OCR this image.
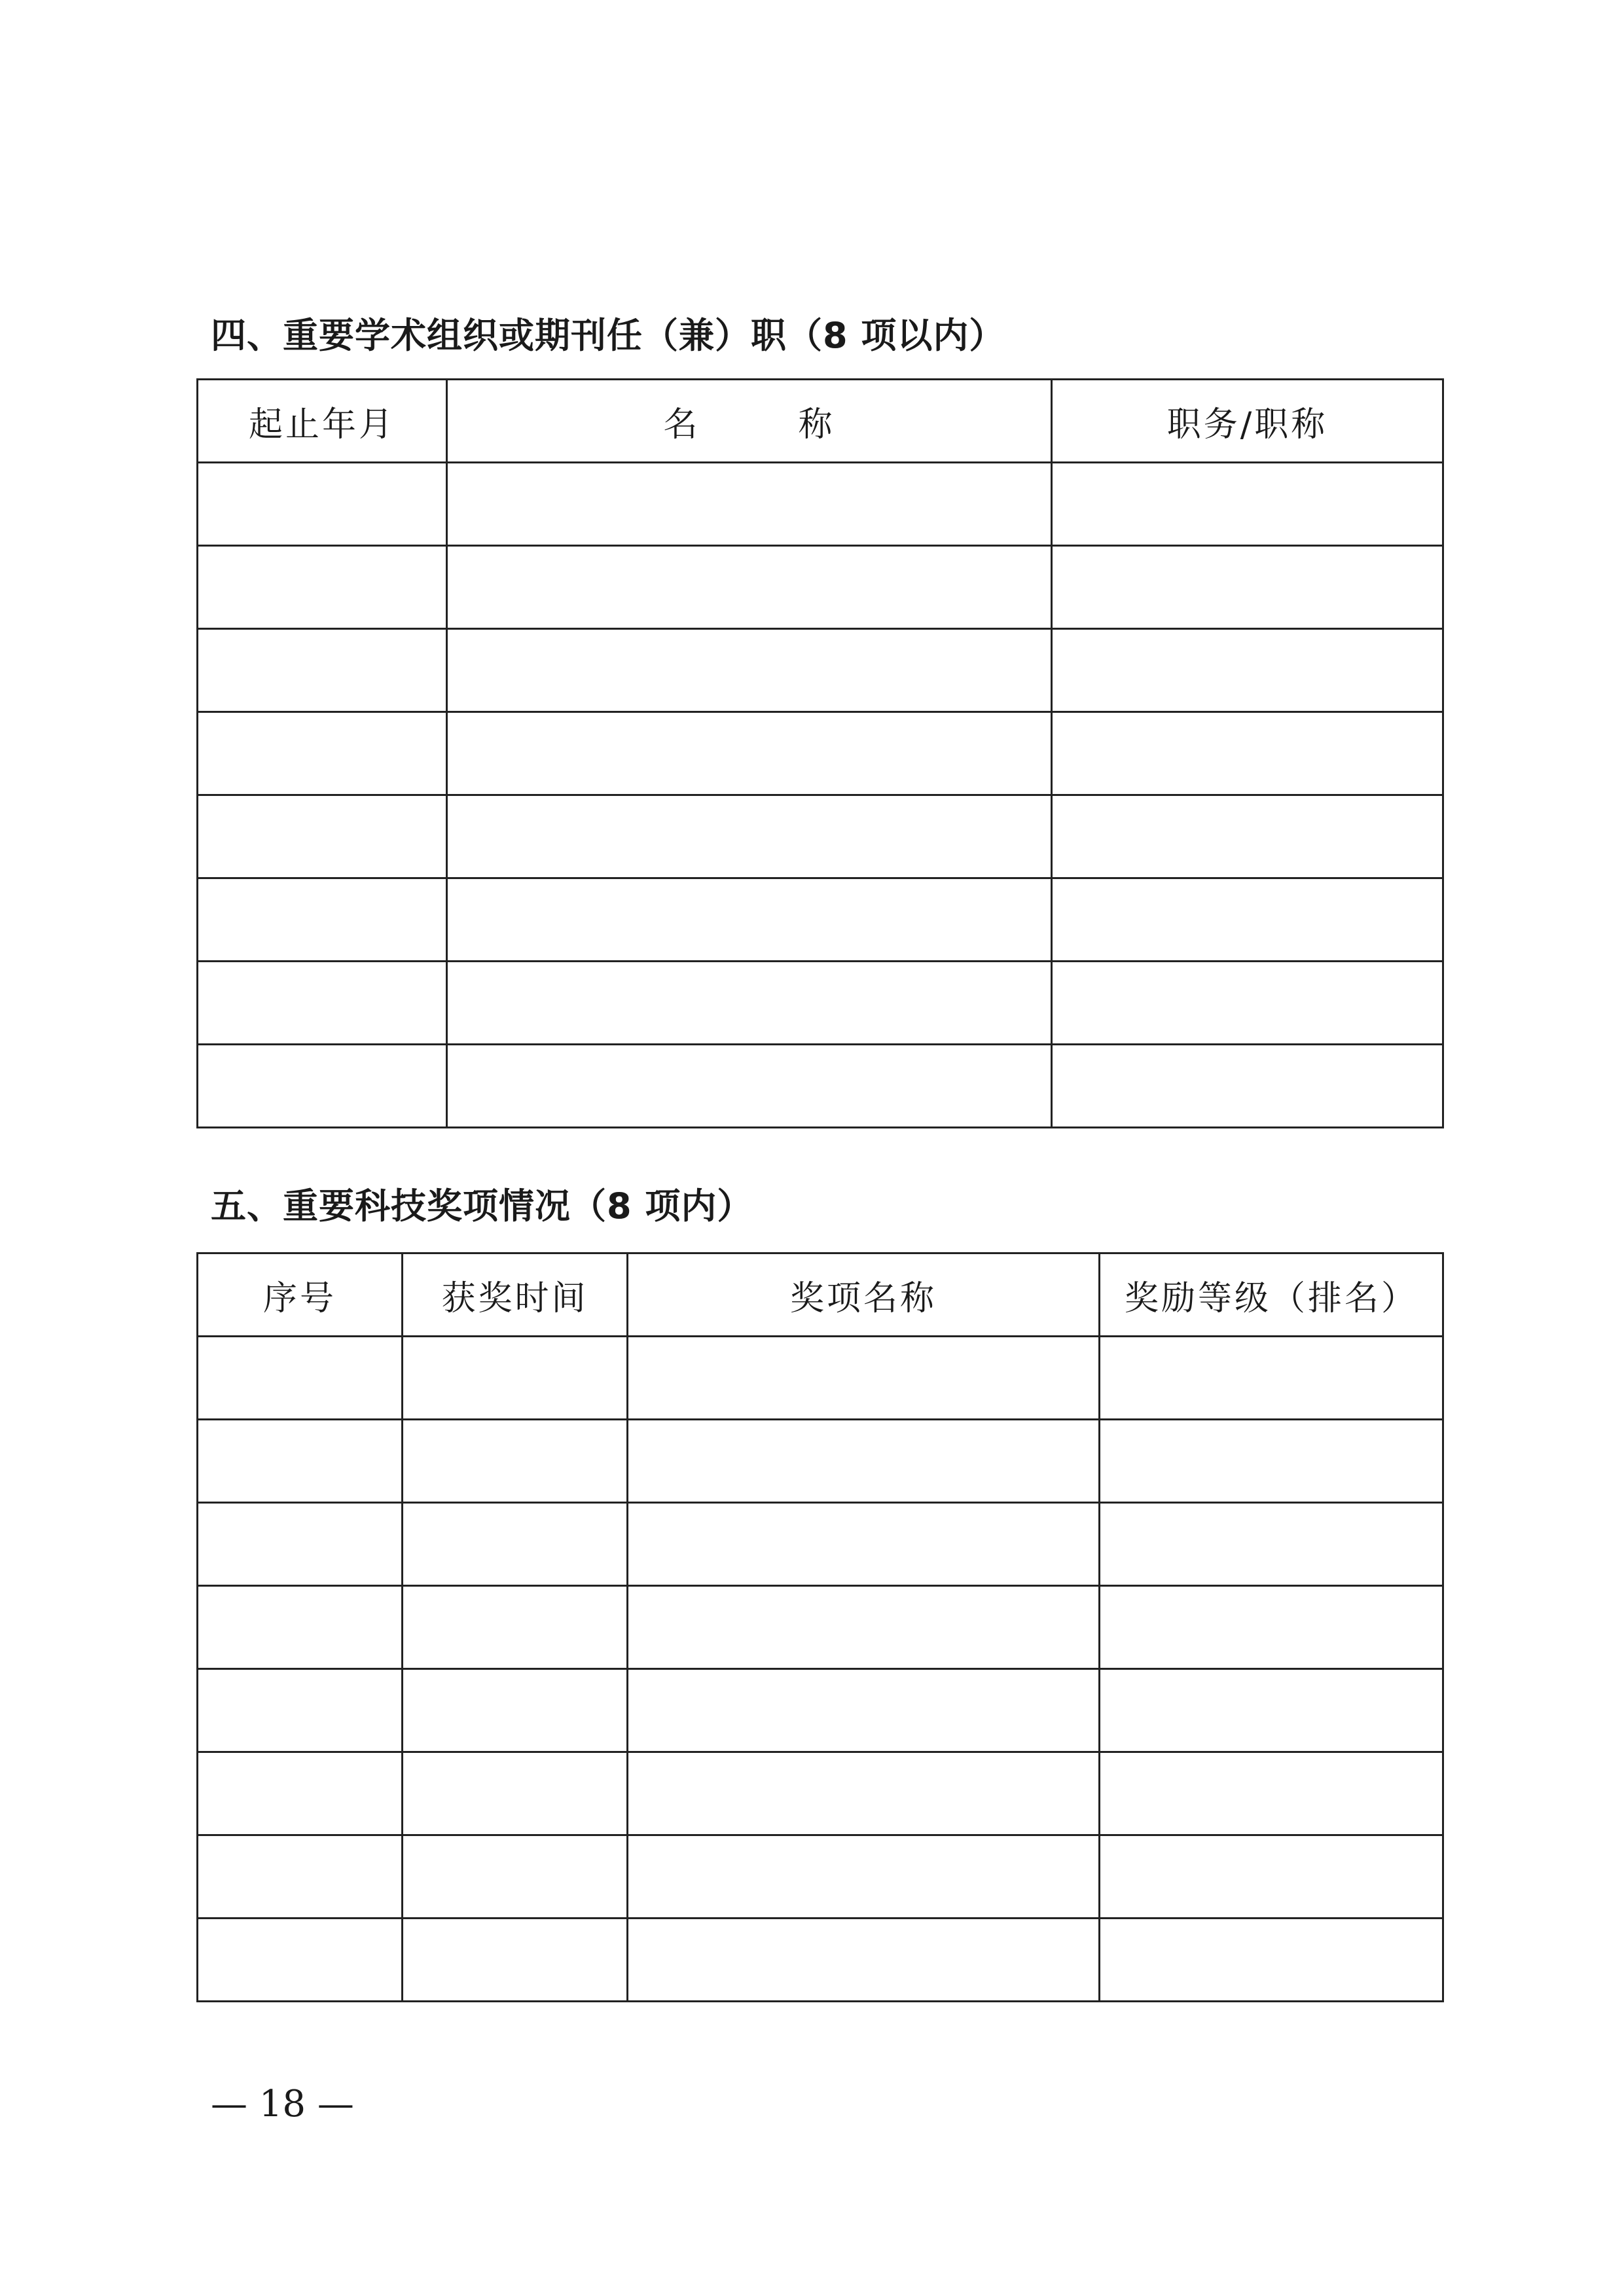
四、重要学术组织或期刊任（兼）职（8 项以内）
起止年月	名 称	职务/职称

五、重要科技奖项情况（8 项内）
序号	获奖时间	奖项名称	奖励等级（排名）

— 18 —
